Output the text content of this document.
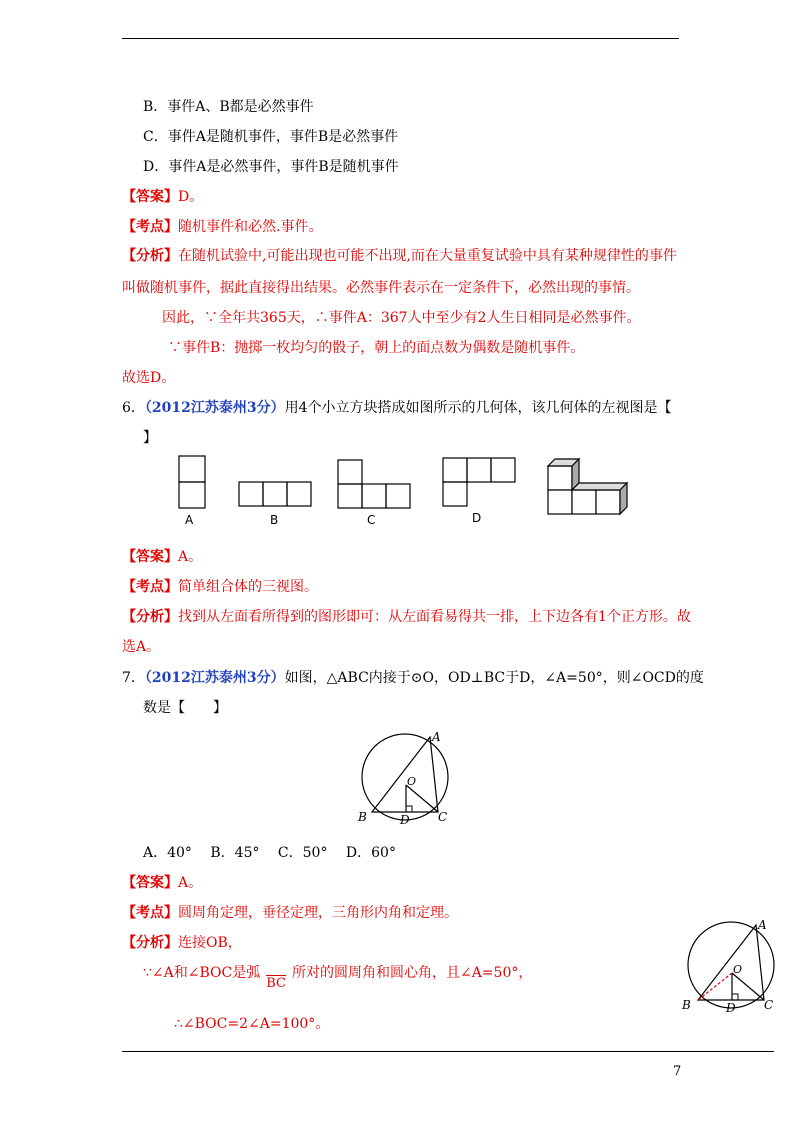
B．事件A、B都是必然事件
C．事件A是随机事件，事件B是必然事件
D．事件A是必然事件，事件B是随机事件
【答案】D。
【考点】随机事件和必然.事件。
【分析】在随机试验中,可能出现也可能不出现,而在大量重复试验中具有某种规律性的事件
叫做随机事件，据此直接得出结果。必然事件表示在一定条件下，必然出现的事情。
因此，∵全年共365天，∴事件A：367人中至少有2人生日相同是必然事件。
∵事件B：抛掷一枚均匀的骰子，朝上的面点数为偶数是随机事件。
故选D。
6．（2012江苏泰州3分）用4个小立方块搭成如图所示的几何体，该几何体的左视图是【
】
A	B	C	D
【答案】A。
【考点】简单组合体的三视图。
【分析】找到从左面看所得到的图形即可：从左面看易得共一排，上下边各有1个正方形。故
选A。
7．（2012江苏泰州3分）如图，△ABC内接于⊙O，OD⊥BC于D，∠A=50°，则∠OCD的度
数是【　　】
A
O
B	D C
A．40°　 B．45°　 C．50°　 D．60°
【答案】A。
【考点】圆周角定理，垂径定理，三角形内角和定理。
【分析】连接OB，
∵∠A和∠BOC是弧BC所对的圆周角和圆心角，且∠A=50°，
∴∠BOC=2∠A=100°。
A
O
B	D C
7
